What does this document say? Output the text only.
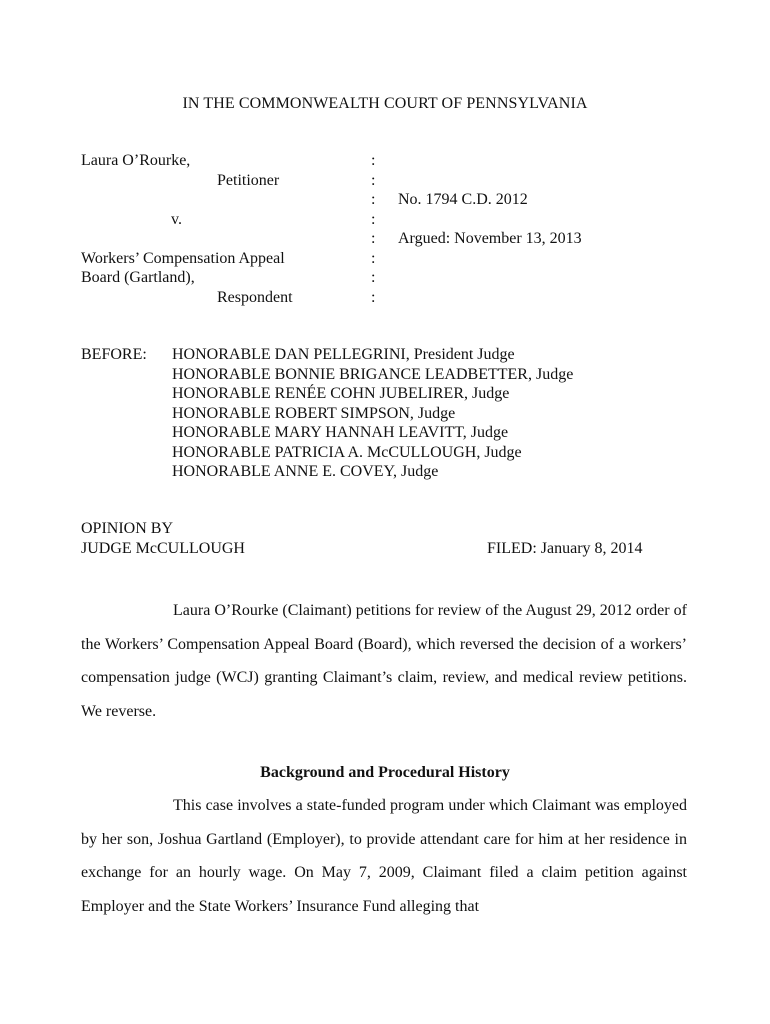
IN THE COMMONWEALTH COURT OF PENNSYLVANIA
Laura O’Rourke,
Petitioner

v.

Workers’ Compensation Appeal
Board (Gartland),
Respondent
:
:
:
:
:
:
:
:
No. 1794 C.D. 2012
Argued: November 13, 2013
BEFORE: HONORABLE DAN PELLEGRINI, President Judge
HONORABLE BONNIE BRIGANCE LEADBETTER, Judge
HONORABLE RENÉE COHN JUBELIRER, Judge
HONORABLE ROBERT SIMPSON, Judge
HONORABLE MARY HANNAH LEAVITT, Judge
HONORABLE PATRICIA A. McCULLOUGH, Judge
HONORABLE ANNE E. COVEY, Judge
OPINION BY
JUDGE McCULLOUGH	FILED: January 8, 2014

Laura O’Rourke (Claimant) petitions for review of the August 29, 2012 order of the Workers’ Compensation Appeal Board (Board), which reversed the decision of a workers’ compensation judge (WCJ) granting Claimant’s claim, review, and medical review petitions. We reverse.

Background and Procedural History

This case involves a state-funded program under which Claimant was employed by her son, Joshua Gartland (Employer), to provide attendant care for him at her residence in exchange for an hourly wage. On May 7, 2009, Claimant filed a claim petition against Employer and the State Workers’ Insurance Fund alleging that
